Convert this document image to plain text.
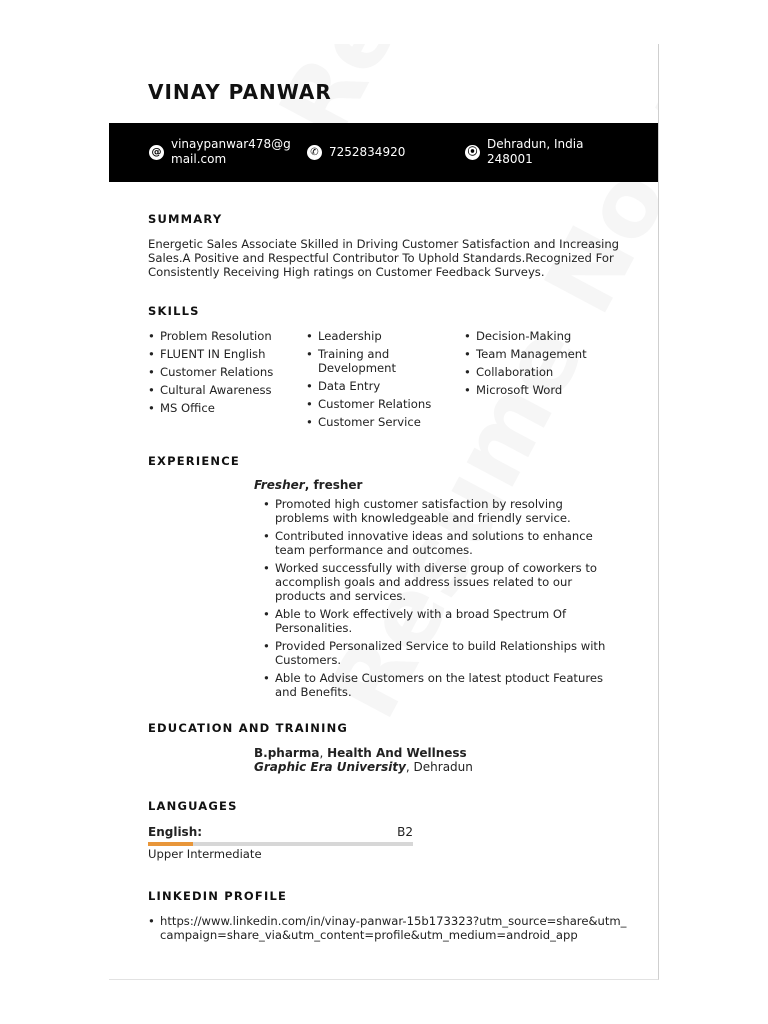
VINAY PANWAR
@
vinaypanwar478@g
mail.com	✆ 7252834920	⦿
Dehradun, India
248001
SUMMARY

Energetic Sales Associate Skilled in Driving Customer Satisfaction and Increasing Sales.A Positive and Respectful Contributor To Uphold Standards.Recognized For Consistently Receiving High ratings on Customer Feedback Surveys.

SKILLS
• Problem Resolution
• FLUENT IN English
• Customer Relations
• Cultural Awareness
• MS Office
• Leadership
• Training and Development
• Data Entry
• Customer Relations
• Customer Service
• Decision-Making
• Team Management
• Collaboration
• Microsoft Word
EXPERIENCE
Fresher, fresher
• Promoted high customer satisfaction by resolving problems with knowledgeable and friendly service.
• Contributed innovative ideas and solutions to enhance team performance and outcomes.
• Worked successfully with diverse group of coworkers to accomplish goals and address issues related to our products and services.
• Able to Work effectively with a broad Spectrum Of Personalities.
• Provided Personalized Service to build Relationships with Customers.
• Able to Advise Customers on the latest ptoduct Features and Benefits.
EDUCATION AND TRAINING
B.pharma, Health And Wellness
Graphic Era University, Dehradun
LANGUAGES
English:	B2
Upper Intermediate
LINKEDIN PROFILE
• https://www.linkedin.com/in/vinay-panwar-15b173323?utm_source=share&utm_campaign=share_via&utm_content=profile&utm_medium=android_app
